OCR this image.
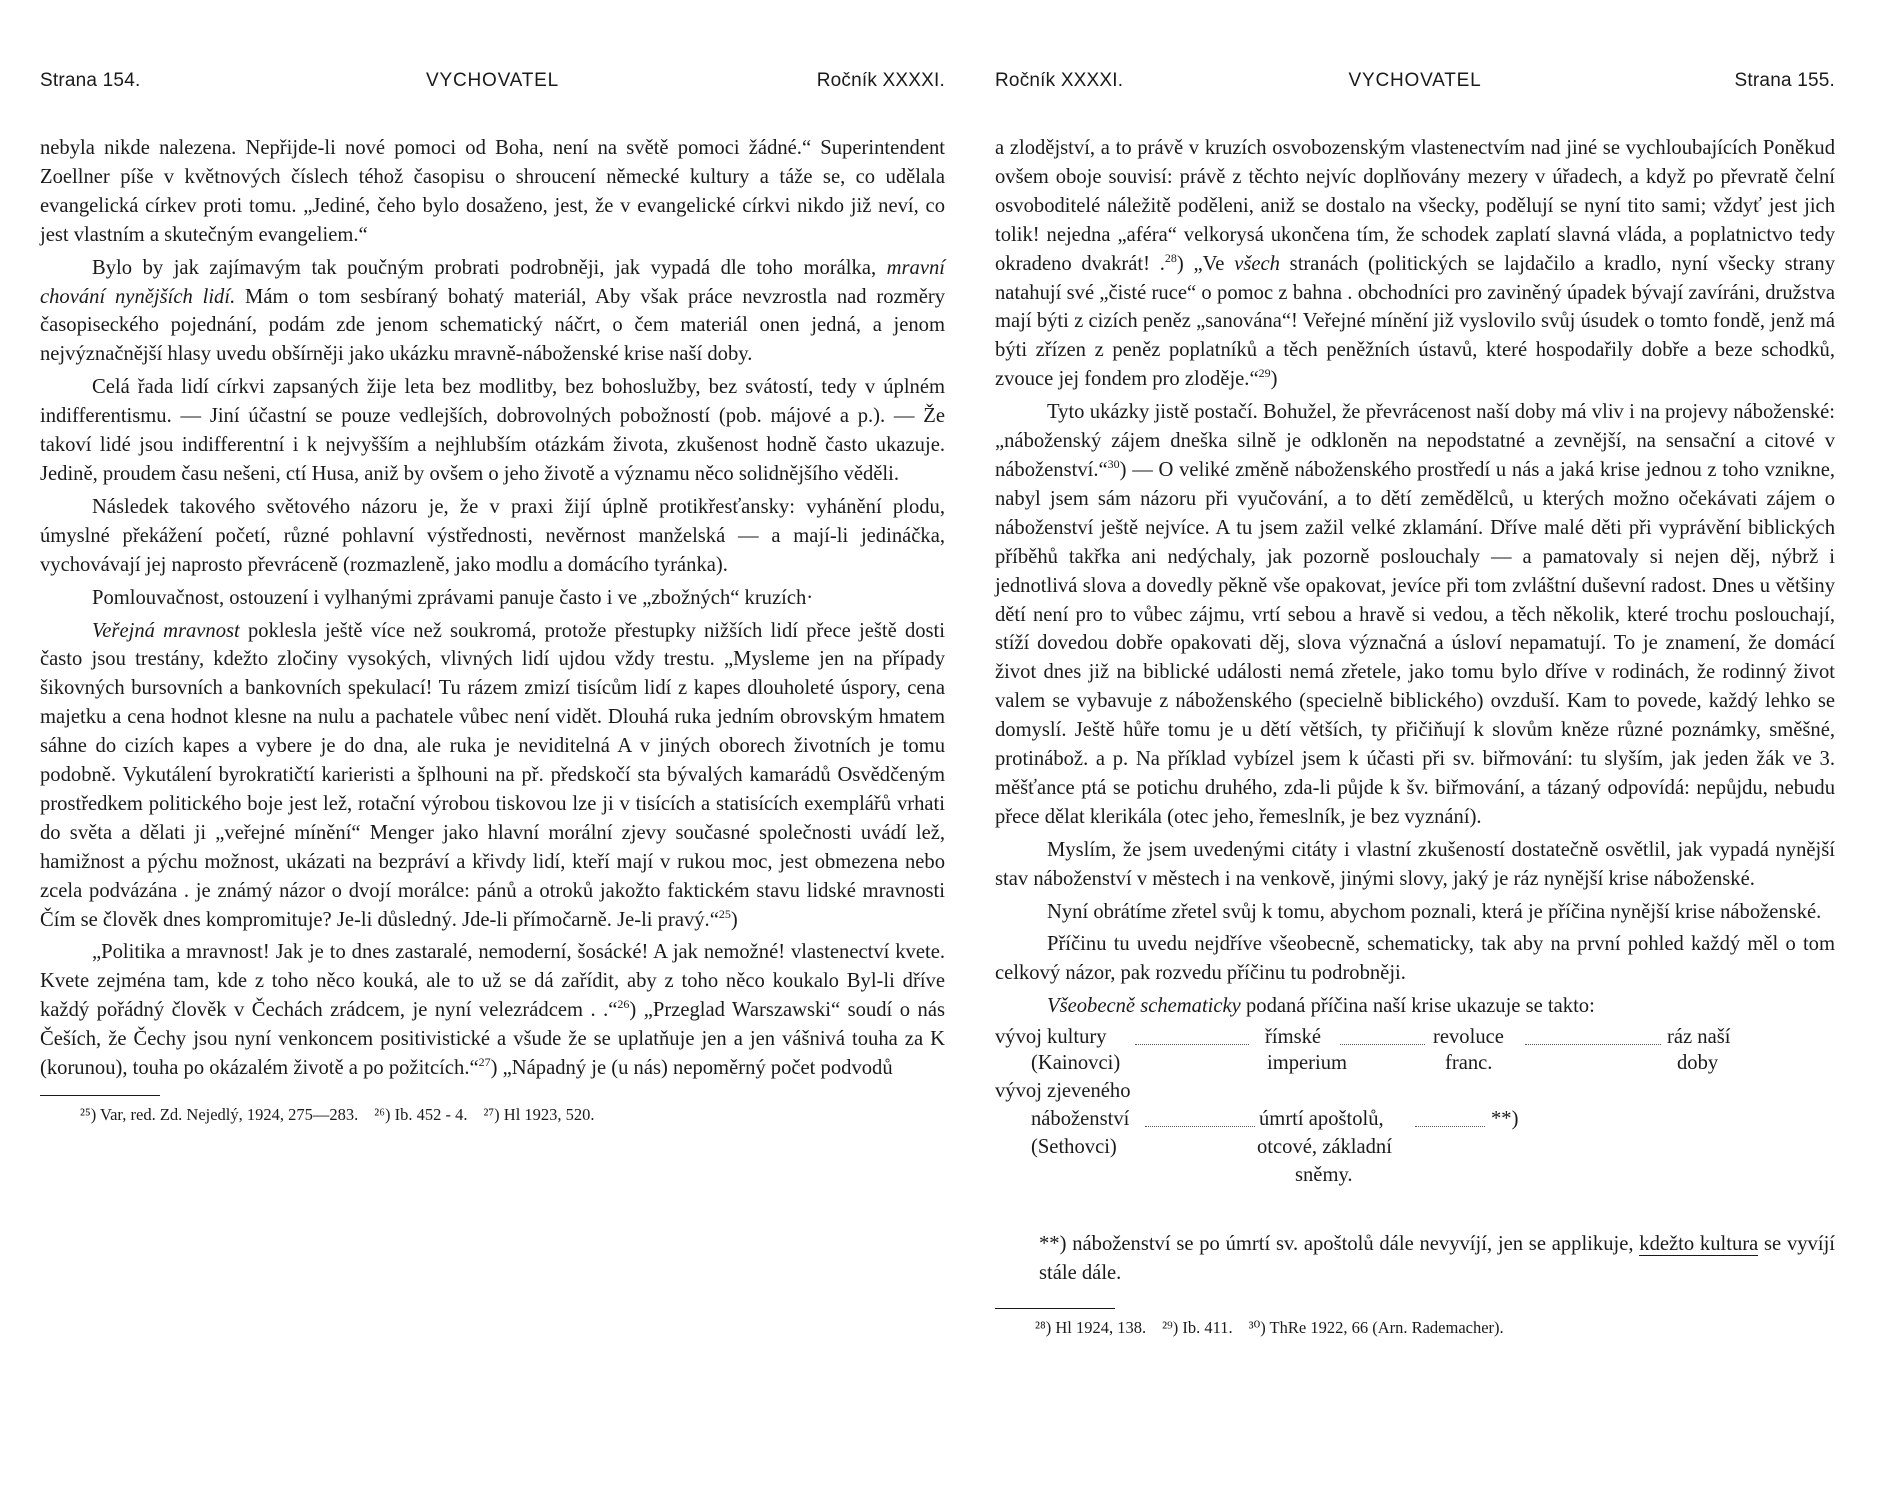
Strana 154.	VYCHOVATEL	Ročník XXXXI.

nebyla nikde nalezena. Nepřijde-li nové pomoci od Boha, není na světě pomoci žádné.“ Superintendent Zoellner píše v květnových číslech téhož časopisu o shroucení německé kultury a táže se, co udělala evangelická církev proti tomu. „Jediné, čeho bylo dosaženo, jest, že v evangelické církvi nikdo již neví, co jest vlastním a skutečným evangeliem.“

Bylo by jak zajímavým tak poučným probrati podrobněji, jak vypadá dle toho morálka, mravní chování nynějších lidí. Mám o tom sesbíraný bohatý materiál, Aby však práce nevzrostla nad rozměry časopiseckého pojednání, podám zde jenom schematický náčrt, o čem materiál onen jedná, a jenom nejvýznačnější hlasy uvedu obšírněji jako ukázku mravně-náboženské krise naší doby.

Celá řada lidí církvi zapsaných žije leta bez modlitby, bez bohoslužby, bez svátostí, tedy v úplném indifferentismu. — Jiní účastní se pouze vedlejších, dobrovolných pobožností (pob. májové a p.). — Že takoví lidé jsou indifferentní i k nejvyšším a nejhlubším otázkám života, zkušenost hodně často ukazuje. Jedině, proudem času nešeni, ctí Husa, aniž by ovšem o jeho životě a významu něco solidnějšího věděli.

Následek takového světového názoru je, že v praxi žijí úplně protikřesťansky: vyhánění plodu, úmyslné překážení početí, různé pohlavní výstřednosti, nevěrnost manželská — a mají-li jedináčka, vychovávají jej naprosto převráceně (rozmazleně, jako modlu a domácího tyránka).

Pomlouvačnost, ostouzení i vylhanými zprávami panuje často i ve „zbožných“ kruzích·

Veřejná mravnost poklesla ještě více než soukromá, protože přestupky nižších lidí přece ještě dosti často jsou trestány, kdežto zločiny vysokých, vlivných lidí ujdou vždy trestu. „Mysleme jen na případy šikovných bursovních a bankovních spekulací! Tu rázem zmizí tisícům lidí z kapes dlouholeté úspory, cena majetku a cena hodnot klesne na nulu a pachatele vůbec není vidět. Dlouhá ruka jedním obrovským hmatem sáhne do cizích kapes a vybere je do dna, ale ruka je neviditelná A v jiných oborech životních je tomu podobně. Vykutálení byrokratičtí karieristi a šplhouni na př. předskočí sta bývalých kamarádů Osvědčeným prostředkem politického boje jest lež, rotační výrobou tiskovou lze ji v tisících a statisících exemplářů vrhati do světa a dělati ji „veřejné mínění“ Menger jako hlavní morální zjevy současné společnosti uvádí lež, hamižnost a pýchu možnost, ukázati na bezpráví a křivdy lidí, kteří mají v rukou moc, jest obmezena nebo zcela podvázána . je známý názor o dvojí morálce: pánů a otroků jakožto faktickém stavu lidské mravnosti Čím se člověk dnes kompromituje? Je-li důsledný. Jde-li přímočarně. Je-li pravý.“$^{25}$)

„Politika a mravnost! Jak je to dnes zastaralé, nemoderní, šosácké! A jak nemožné! vlastenectví kvete. Kvete zejména tam, kde z toho něco kouká, ale to už se dá zařídit, aby z toho něco koukalo Byl-li dříve každý pořádný člověk v Čechách zrádcem, je nyní velezrádcem . .“$^{26}$) „Przeglad Warszawski“ soudí o nás Češích, že Čechy jsou nyní venkoncem positivistické a všude že se uplatňuje jen a jen vášnivá touha za K (korunou), touha po okázalém životě a po požitcích.“$^{27}$) „Nápadný je (u nás) nepoměrný počet podvodů

²⁵) Var, red. Zd. Nejedlý, 1924, 275—283. ²⁶) Ib. 452 - 4. ²⁷) Hl 1923, 520.
Ročník XXXXI.	VYCHOVATEL	Strana 155.

a zlodějství, a to právě v kruzích osvobozenským vlastenectvím nad jiné se vychloubajících Poněkud ovšem oboje souvisí: právě z těchto nejvíc doplňovány mezery v úřadech, a když po převratě čelní osvoboditelé náležitě poděleni, aniž se dostalo na všecky, podělují se nyní tito sami; vždyť jest jich tolik! nejedna „aféra“ velkorysá ukončena tím, že schodek zaplatí slavná vláda, a poplatnictvo tedy okradeno dvakrát! .$^{28}$) „Ve všech stranách (politických se lajdačilo a kradlo, nyní všecky strany natahují své „čisté ruce“ o pomoc z bahna . obchodníci pro zaviněný úpadek bývají zavíráni, družstva mají býti z cizích peněz „sanována“! Veřejné mínění již vyslovilo svůj úsudek o tomto fondě, jenž má býti zřízen z peněz poplatníků a těch peněžních ústavů, které hospodařily dobře a beze schodků, zvouce jej fondem pro zloděje.“$^{29}$)

Tyto ukázky jistě postačí. Bohužel, že převrácenost naší doby má vliv i na projevy náboženské: „náboženský zájem dneška silně je odkloněn na nepodstatné a zevnější, na sensační a citové v náboženství.“$^{30}$) — O veliké změně náboženského prostředí u nás a jaká krise jednou z toho vznikne, nabyl jsem sám názoru při vyučování, a to dětí zemědělců, u kterých možno očekávati zájem o náboženství ještě nejvíce. A tu jsem zažil velké zklamání. Dříve malé děti při vyprávění biblických příběhů takřka ani nedýchaly, jak pozorně poslouchaly — a pamatovaly si nejen děj, nýbrž i jednotlivá slova a dovedly pěkně vše opakovat, jevíce při tom zvláštní duševní radost. Dnes u většiny dětí není pro to vůbec zájmu, vrtí sebou a hravě si vedou, a těch několik, které trochu poslouchají, stíží dovedou dobře opakovati děj, slova význačná a úsloví nepamatují. To je znamení, že domácí život dnes již na biblické události nemá zřetele, jako tomu bylo dříve v rodinách, že rodinný život valem se vybavuje z náboženského (specielně biblického) ovzduší. Kam to povede, každý lehko se domyslí. Ještě hůře tomu je u dětí větších, ty přičiňují k slovům kněze různé poznámky, směšné, protinábož. a p. Na příklad vybízel jsem k účasti při sv. biřmování: tu slyším, jak jeden žák ve 3. měšťance ptá se potichu druhého, zda-li půjde k šv. biřmování, a tázaný odpovídá: nepůjdu, nebudu přece dělat klerikála (otec jeho, řemeslník, je bez vyznání).

Myslím, že jsem uvedenými citáty i vlastní zkušeností dostatečně osvětlil, jak vypadá nynější stav náboženství v městech i na venkově, jinými slovy, jaký je ráz nynější krise náboženské.

Nyní obrátíme zřetel svůj k tomu, abychom poznali, která je příčina nynější krise náboženské.

Příčinu tu uvedu nejdříve všeobecně, schematicky, tak aby na první pohled každý měl o tom celkový názor, pak rozvedu příčinu tu podrobněji.

Všeobecně schematicky podaná příčina naší krise ukazuje se takto:

vývoj kultury	římské	revoluce	ráz naší
(Kainovci)	imperium	franc.	doby
vývoj zjeveného
náboženství	úmrtí apoštolů,	**)
(Sethovci)	otcové, základní
sněmy.

**) náboženství se po úmrtí sv. apoštolů dále nevyvíjí, jen se applikuje, kdežto kultura se vyvíjí stále dále.

²⁸) Hl 1924, 138. ²⁹) Ib. 411. ³⁰) ThRe 1922, 66 (Arn. Rademacher).
